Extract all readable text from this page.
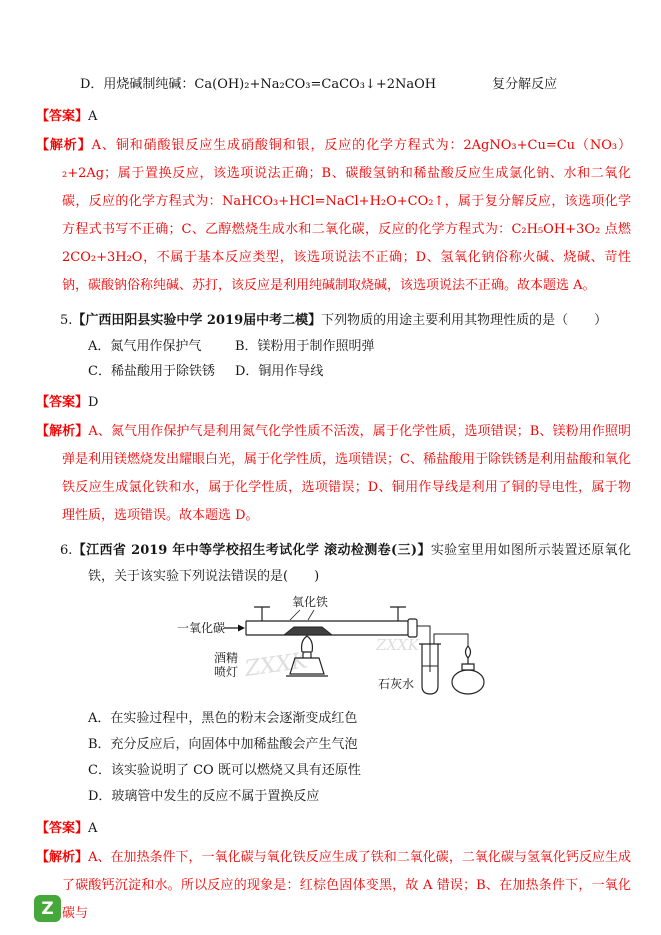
D．用烧碱制纯碱：Ca(OH)₂+Na₂CO₃=CaCO₃↓+2NaOH	复分解反应

【答案】A

【解析】A、铜和硝酸银反应生成硝酸铜和银，反应的化学方程式为：2AgNO₃+Cu=Cu（NO₃）₂+2Ag；属于置换反应，该选项说法正确；B、碳酸氢钠和稀盐酸反应生成氯化钠、水和二氧化碳，反应的化学方程式为：NaHCO₃+HCl=NaCl+H₂O+CO₂↑，属于复分解反应，该选项化学方程式书写不正确；C、乙醇燃烧生成水和二氧化碳，反应的化学方程式为：C₂H₅OH+3O₂ 点燃 2CO₂+3H₂O，不属于基本反应类型，该选项说法不正确；D、氢氧化钠俗称火碱、烧碱、苛性钠，碳酸钠俗称纯碱、苏打，该反应是利用纯碱制取烧碱，该选项说法不正确。故本题选 A。

5.【广西田阳县实验中学 2019届中考二模】下列物质的用途主要利用其物理性质的是（　　）

A．氮气用作保护气	B．镁粉用于制作照明弹

C．稀盐酸用于除铁锈	D．铜用作导线

【答案】D

【解析】A、氮气用作保护气是利用氮气化学性质不活泼，属于化学性质，选项错误；B、镁粉用作照明弹是利用镁燃烧发出耀眼白光，属于化学性质，选项错误；C、稀盐酸用于除铁锈是利用盐酸和氧化铁反应生成氯化铁和水，属于化学性质，选项错误；D、铜用作导线是利用了铜的导电性，属于物理性质，选项错误。故本题选 D。

6.【江西省 2019 年中等学校招生考试化学 滚动检测卷(三)】实验室里用如图所示装置还原氧化铁，关于该实验下列说法错误的是(　　)

ZXXK
ZXXK
一氧化碳
氧化铁
酒精
喷灯
石灰水

A．在实验过程中，黑色的粉末会逐渐变成红色

B．充分反应后，向固体中加稀盐酸会产生气泡

C．该实验说明了 CO 既可以燃烧又具有还原性

D．玻璃管中发生的反应不属于置换反应

【答案】A

【解析】A、在加热条件下，一氧化碳与氧化铁反应生成了铁和二氧化碳，二氧化碳与氢氧化钙反应生成了碳酸钙沉淀和水。所以反应的现象是：红棕色固体变黑，故 A 错误；B、在加热条件下，一氧化碳与

Z
